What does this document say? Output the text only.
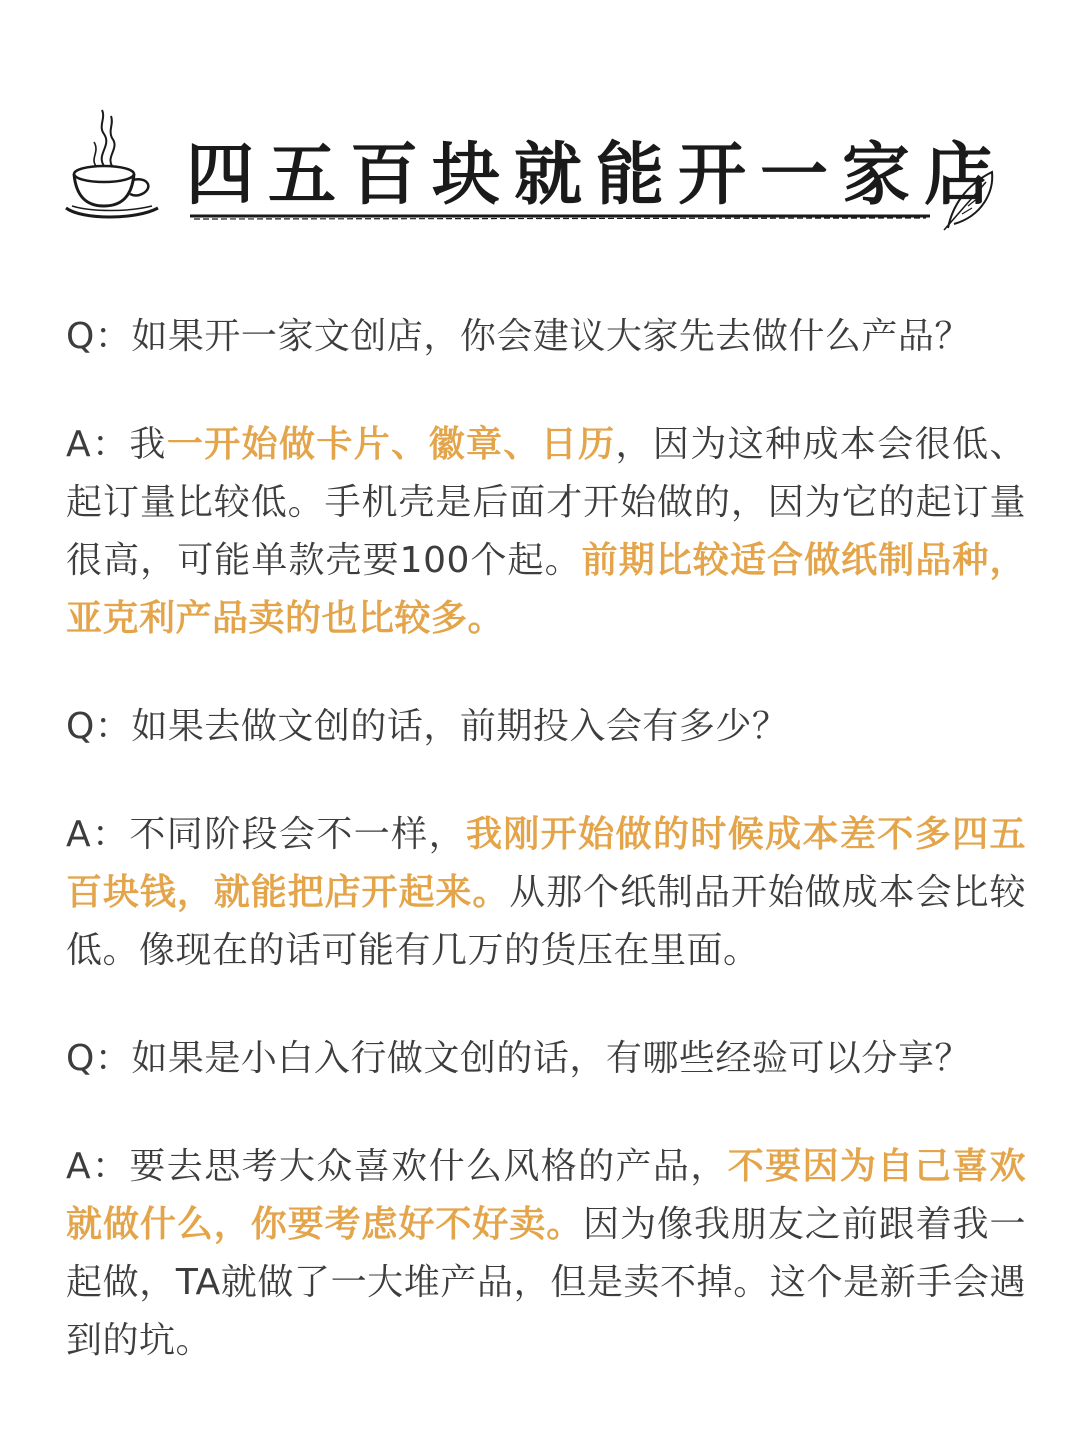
四五百块就能开一家店

Q：如果开一家文创店，你会建议大家先去做什么产品？

A：我一开始做卡片、徽章、日历，因为这种成本会很低、起订量比较低。手机壳是后面才开始做的，因为它的起订量很高，可能单款壳要100个起。前期比较适合做纸制品种，亚克利产品卖的也比较多。

Q：如果去做文创的话，前期投入会有多少？

A：不同阶段会不一样，我刚开始做的时候成本差不多四五百块钱，就能把店开起来。从那个纸制品开始做成本会比较低。像现在的话可能有几万的货压在里面。

Q：如果是小白入行做文创的话，有哪些经验可以分享？

A：要去思考大众喜欢什么风格的产品，不要因为自己喜欢就做什么，你要考虑好不好卖。因为像我朋友之前跟着我一起做，TA就做了一大堆产品，但是卖不掉。这个是新手会遇到的坑。
